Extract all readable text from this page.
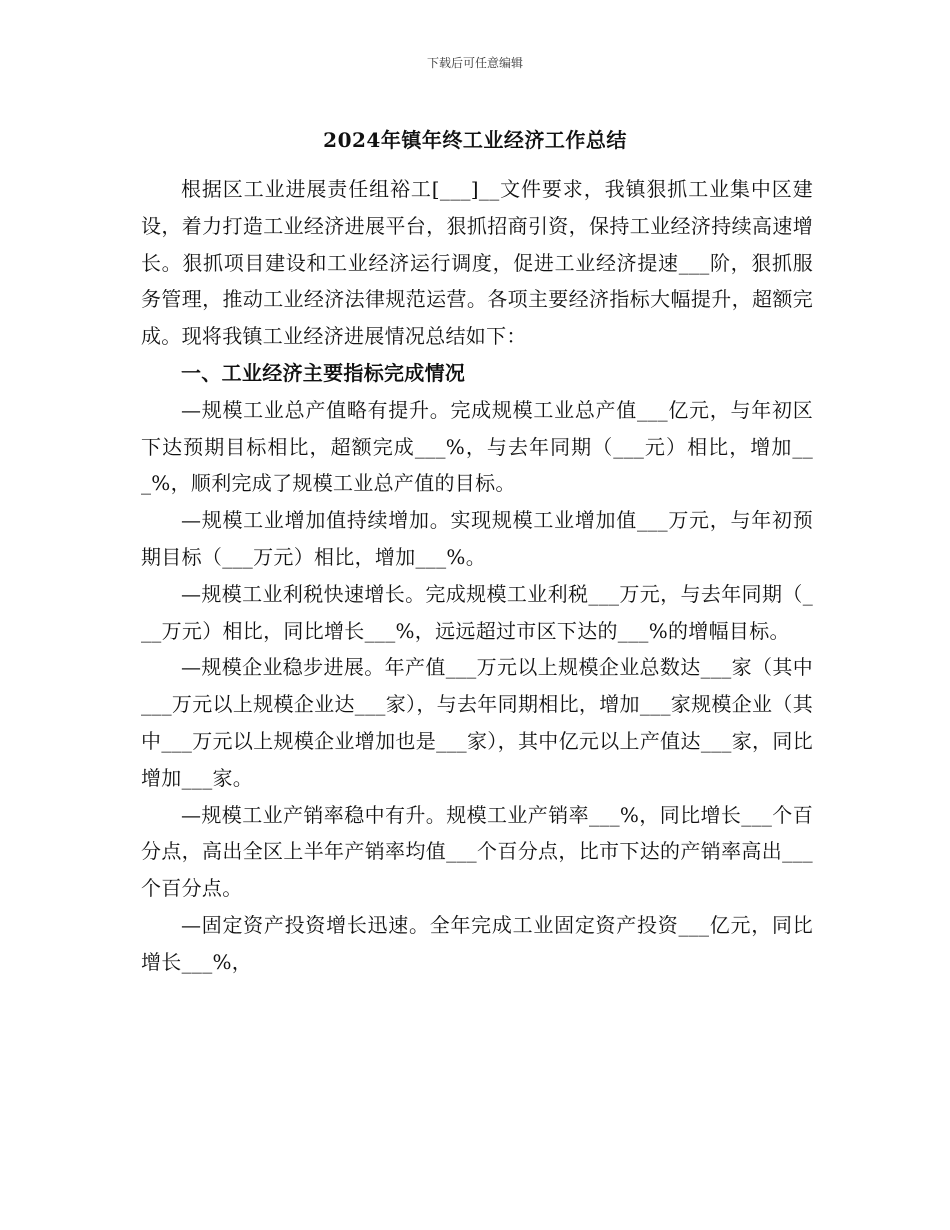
下载后可任意编辑
2024年镇年终工业经济工作总结

根据区工业进展责任组裕工[___]__文件要求，我镇狠抓工业集中区建设，着力打造工业经济进展平台，狠抓招商引资，保持工业经济持续高速增长。狠抓项目建设和工业经济运行调度，促进工业经济提速___阶，狠抓服务管理，推动工业经济法律规范运营。各项主要经济指标大幅提升，超额完成。现将我镇工业经济进展情况总结如下：

一、工业经济主要指标完成情况

—规模工业总产值略有提升。完成规模工业总产值___亿元，与年初区下达预期目标相比，超额完成___%，与去年同期（___元）相比，增加___%，顺利完成了规模工业总产值的目标。

—规模工业增加值持续增加。实现规模工业增加值___万元，与年初预期目标（___万元）相比，增加___%。

—规模工业利税快速增长。完成规模工业利税___万元，与去年同期（___万元）相比，同比增长___%，远远超过市区下达的___%的增幅目标。

—规模企业稳步进展。年产值___万元以上规模企业总数达___家（其中___万元以上规模企业达___家），与去年同期相比，增加___家规模企业（其中___万元以上规模企业增加也是___家），其中亿元以上产值达___家，同比增加___家。

—规模工业产销率稳中有升。规模工业产销率___%，同比增长___个百分点，高出全区上半年产销率均值___个百分点，比市下达的产销率高出___个百分点。

—固定资产投资增长迅速。全年完成工业固定资产投资___亿元，同比增长___%，
